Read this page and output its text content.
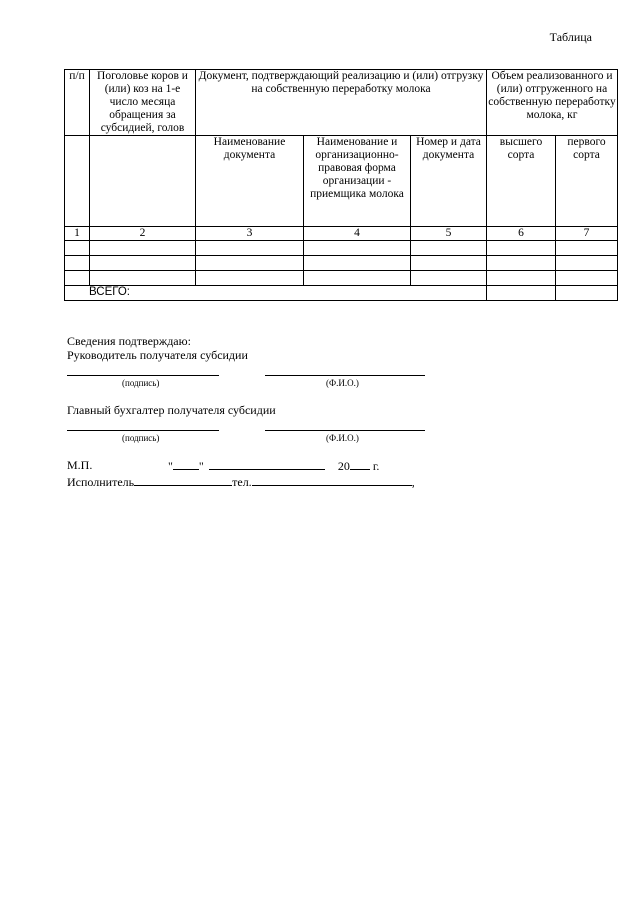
Таблица
п/п	Поголовье коров и (или) коз на 1-е число месяца обращения за субсидией, голов	Документ, подтверждающий реализацию и (или) отгрузку на собственную переработку молока			Объем реализованного и (или) отгруженного на собственную переработку молока, кг	
		Наименование документа	Наименование и организационно-правовая форма организации - приемщика молока	Номер и дата документа	высшего сорта	первого сорта
1	2	3	4	5	6	7

ВСЕГО:						
Сведения подтверждаю:
Руководитель получателя субсидии
(подпись)	(Ф.И.О.)
Главный бухгалтер получателя субсидии
(подпись)	(Ф.И.О.)
М.П.	" "	20 г.
Исполнитель	тел.	,
